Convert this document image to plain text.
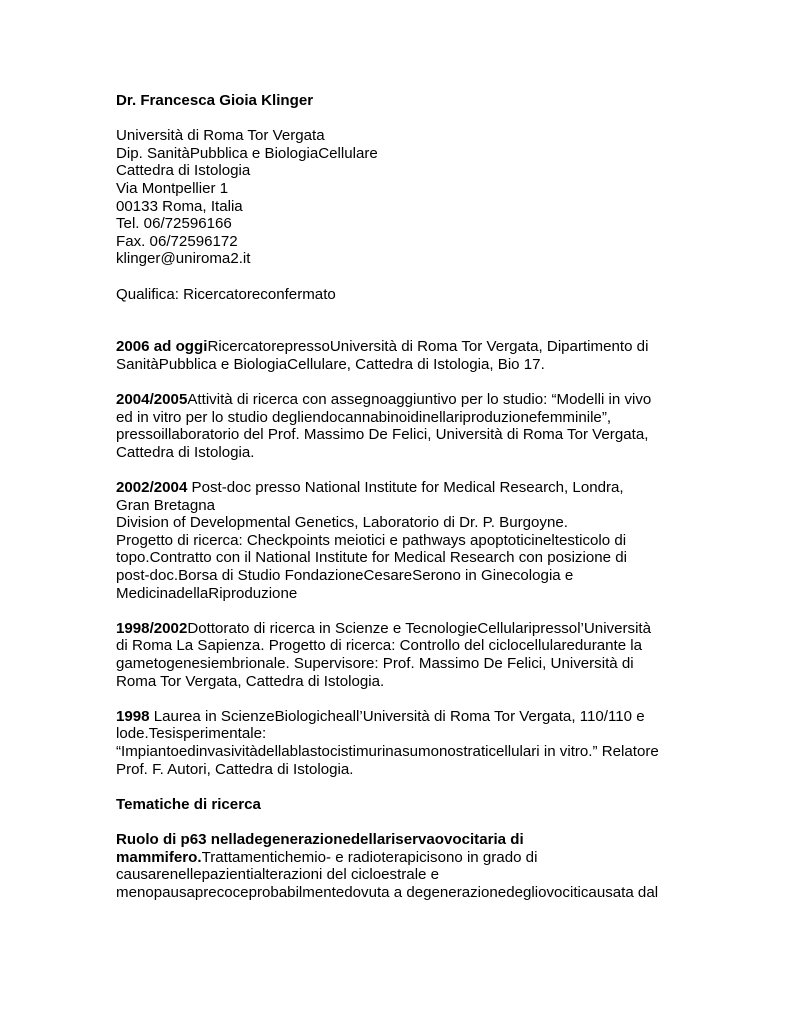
Dr. Francesca Gioia Klinger

Università di Roma Tor Vergata
Dip. SanitàPubblica e BiologiaCellulare
Cattedra di Istologia
Via Montpellier 1
00133 Roma, Italia
Tel. 06/72596166
Fax. 06/72596172
klinger@uniroma2.it
Qualifica: Ricercatoreconfermato
2006 ad oggiRicercatorepressoUniversità di Roma Tor Vergata, Dipartimento di
SanitàPubblica e BiologiaCellulare, Cattedra di Istologia, Bio 17.
2004/2005Attività di ricerca con assegnoaggiuntivo per lo studio: “Modelli in vivo
ed in vitro per lo studio degliendocannabinoidinellariproduzionefemminile”,
pressoillaboratorio del Prof. Massimo De Felici, Università di Roma Tor Vergata,
Cattedra di Istologia.
2002/2004 Post-doc presso National Institute for Medical Research, Londra,
Gran Bretagna
Division of Developmental Genetics, Laboratorio di Dr. P. Burgoyne.
Progetto di ricerca: Checkpoints meiotici e pathways apoptoticineltesticolo di
topo.Contratto con il National Institute for Medical Research con posizione di
post-doc.Borsa di Studio FondazioneCesareSerono in Ginecologia e
MedicinadellaRiproduzione
1998/2002Dottorato di ricerca in Scienze e TecnologieCellularipressol’Università
di Roma La Sapienza. Progetto di ricerca: Controllo del ciclocellularedurante la
gametogenesiembrionale. Supervisore: Prof. Massimo De Felici, Università di
Roma Tor Vergata, Cattedra di Istologia.
1998 Laurea in ScienzeBiologicheall’Università di Roma Tor Vergata, 110/110 e
lode.Tesisperimentale:
“Impiantoedinvasivitàdellablastocistimurinasumonostraticellulari in vitro.” Relatore
Prof. F. Autori, Cattedra di Istologia.

Tematiche di ricerca

Ruolo di p63 nelladegenerazionedellariservaovocitaria di
mammifero.Trattamentichemio- e radioterapicisono in grado di
causarenellepazientialterazioni del cicloestrale e
menopausaprecoceprobabilmentedovuta a degenerazionedegliovociticausata dal
